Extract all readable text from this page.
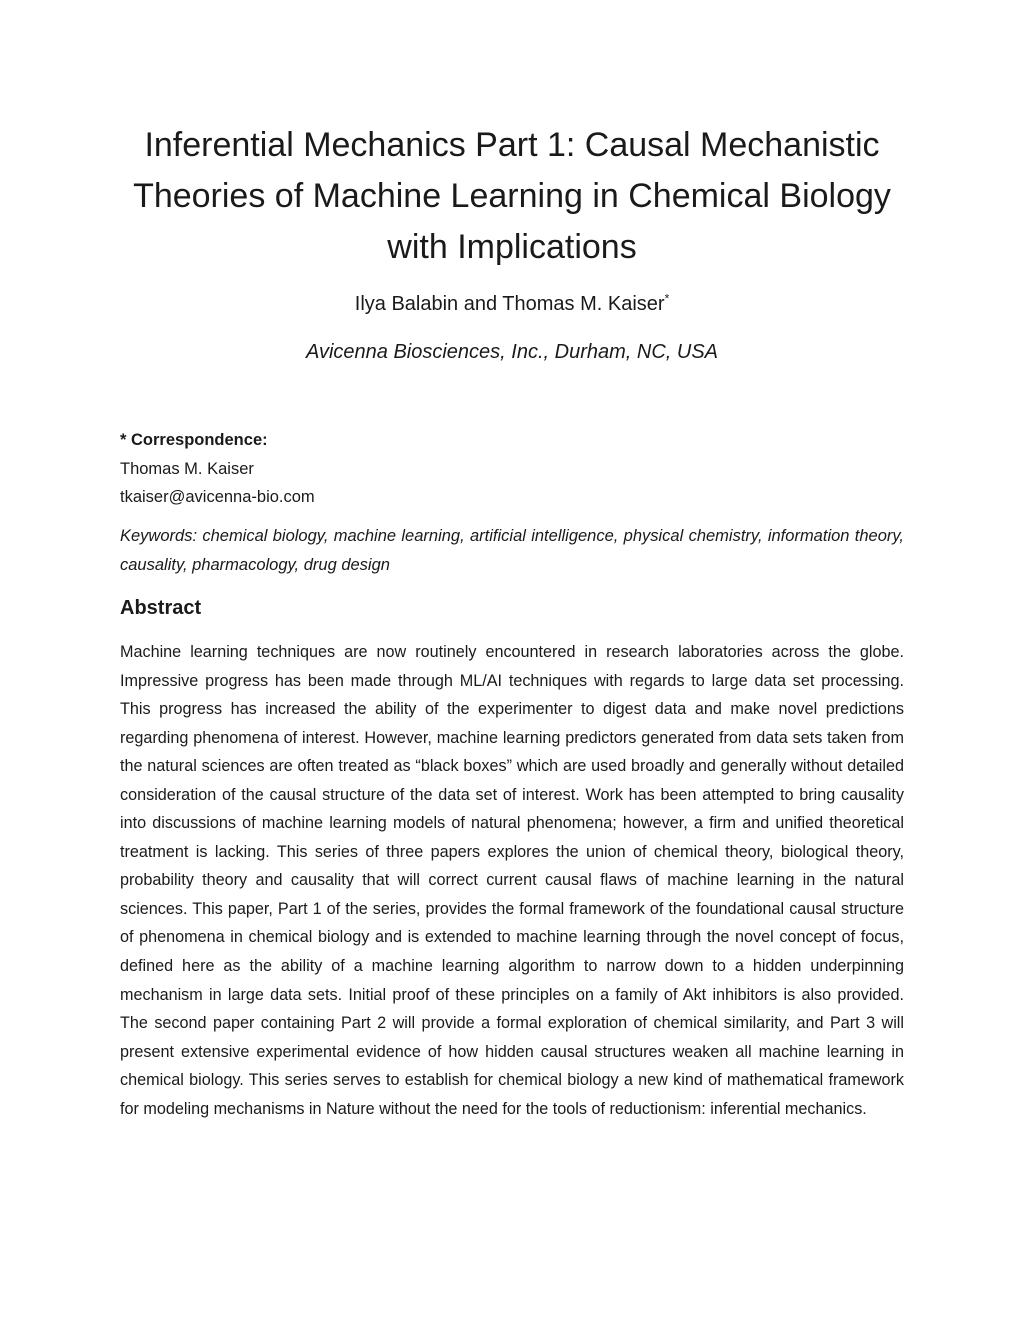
Inferential Mechanics Part 1: Causal Mechanistic Theories of Machine Learning in Chemical Biology with Implications
Ilya Balabin and Thomas M. Kaiser*
Avicenna Biosciences, Inc., Durham, NC, USA
* Correspondence:
Thomas M. Kaiser
tkaiser@avicenna-bio.com

Keywords: chemical biology, machine learning, artificial intelligence, physical chemistry, information theory, causality, pharmacology, drug design

Abstract

Machine learning techniques are now routinely encountered in research laboratories across the globe. Impressive progress has been made through ML/AI techniques with regards to large data set processing. This progress has increased the ability of the experimenter to digest data and make novel predictions regarding phenomena of interest. However, machine learning predictors generated from data sets taken from the natural sciences are often treated as “black boxes” which are used broadly and generally without detailed consideration of the causal structure of the data set of interest. Work has been attempted to bring causality into discussions of machine learning models of natural phenomena; however, a firm and unified theoretical treatment is lacking. This series of three papers explores the union of chemical theory, biological theory, probability theory and causality that will correct current causal flaws of machine learning in the natural sciences. This paper, Part 1 of the series, provides the formal framework of the foundational causal structure of phenomena in chemical biology and is extended to machine learning through the novel concept of focus, defined here as the ability of a machine learning algorithm to narrow down to a hidden underpinning mechanism in large data sets. Initial proof of these principles on a family of Akt inhibitors is also provided. The second paper containing Part 2 will provide a formal exploration of chemical similarity, and Part 3 will present extensive experimental evidence of how hidden causal structures weaken all machine learning in chemical biology. This series serves to establish for chemical biology a new kind of mathematical framework for modeling mechanisms in Nature without the need for the tools of reductionism: inferential mechanics.
